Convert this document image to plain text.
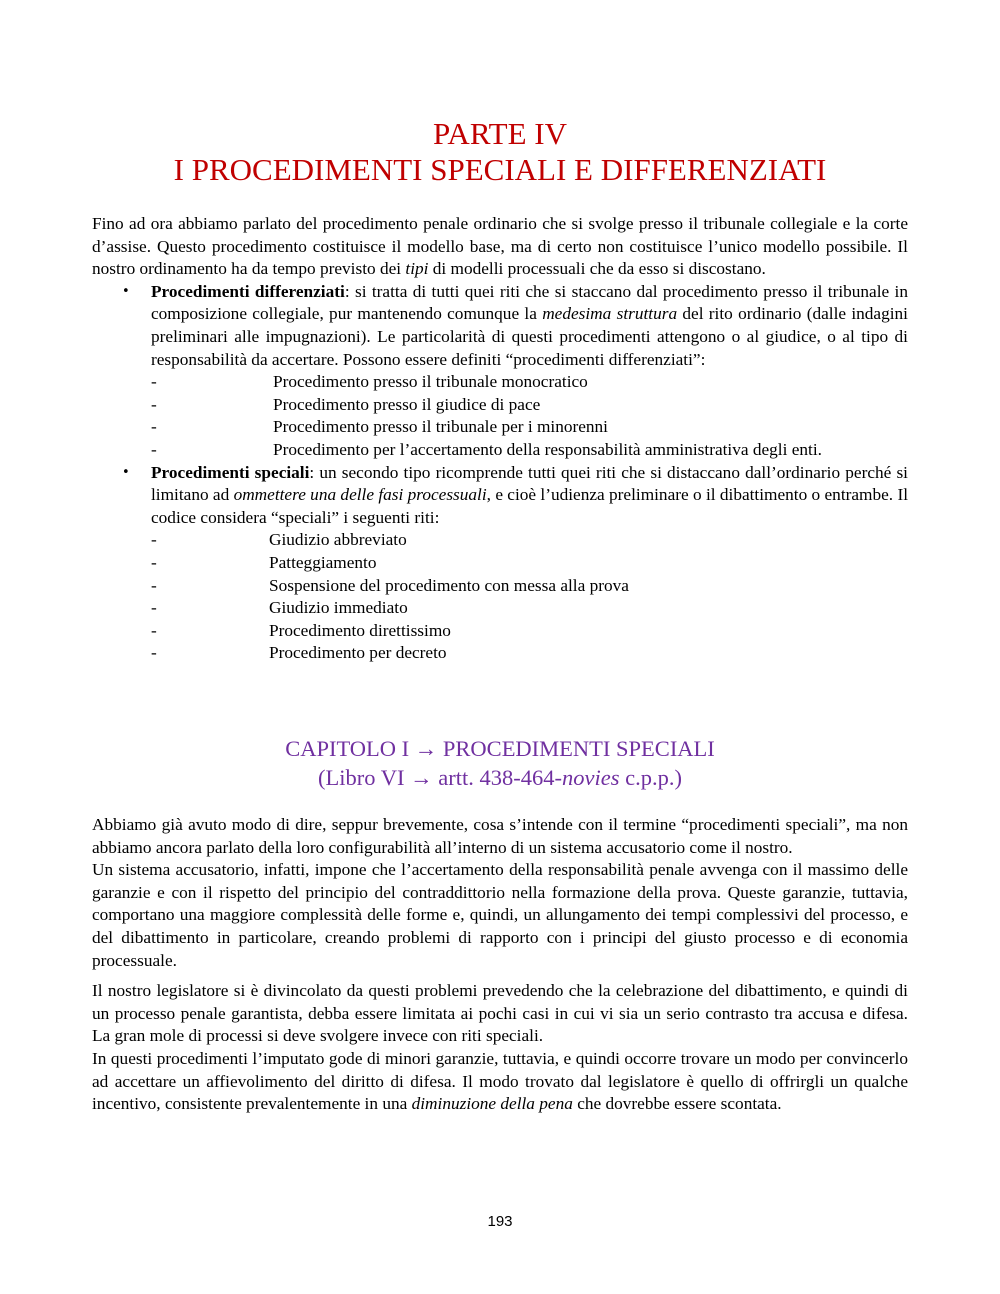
PARTE IV
I PROCEDIMENTI SPECIALI E DIFFERENZIATI

Fino ad ora abbiamo parlato del procedimento penale ordinario che si svolge presso il tribunale collegiale e la corte d’assise. Questo procedimento costituisce il modello base, ma di certo non costituisce l’unico modello possibile. Il nostro ordinamento ha da tempo previsto dei tipi di modelli processuali che da esso si discostano.

• Procedimenti differenziati: si tratta di tutti quei riti che si staccano dal procedimento presso il tribunale in composizione collegiale, pur mantenendo comunque la medesima struttura del rito ordinario (dalle indagini preliminari alle impugnazioni). Le particolarità di questi procedimenti attengono o al giudice, o al tipo di responsabilità da accertare. Possono essere definiti “procedimenti differenziati”:

-	Procedimento presso il tribunale monocratico
-	Procedimento presso il giudice di pace
-	Procedimento presso il tribunale per i minorenni
-	Procedimento per l’accertamento della responsabilità amministrativa degli enti.
• Procedimenti speciali: un secondo tipo ricomprende tutti quei riti che si distaccano dall’ordinario perché si limitano ad ommettere una delle fasi processuali, e cioè l’udienza preliminare o il dibattimento o entrambe. Il codice considera “speciali” i seguenti riti:

-	Giudizio abbreviato
-	Patteggiamento
-	Sospensione del procedimento con messa alla prova
-	Giudizio immediato
-	Procedimento direttissimo
-	Procedimento per decreto
CAPITOLO I → PROCEDIMENTI SPECIALI
(Libro VI → artt. 438-464-novies c.p.p.)

Abbiamo già avuto modo di dire, seppur brevemente, cosa s’intende con il termine “procedimenti speciali”, ma non abbiamo ancora parlato della loro configurabilità all’interno di un sistema accusatorio come il nostro.

Un sistema accusatorio, infatti, impone che l’accertamento della responsabilità penale avvenga con il massimo delle garanzie e con il rispetto del principio del contraddittorio nella formazione della prova. Queste garanzie, tuttavia, comportano una maggiore complessità delle forme e, quindi, un allungamento dei tempi complessivi del processo, e del dibattimento in particolare, creando problemi di rapporto con i principi del giusto processo e di economia processuale.

Il nostro legislatore si è divincolato da questi problemi prevedendo che la celebrazione del dibattimento, e quindi di un processo penale garantista, debba essere limitata ai pochi casi in cui vi sia un serio contrasto tra accusa e difesa. La gran mole di processi si deve svolgere invece con riti speciali.

In questi procedimenti l’imputato gode di minori garanzie, tuttavia, e quindi occorre trovare un modo per convincerlo ad accettare un affievolimento del diritto di difesa. Il modo trovato dal legislatore è quello di offrirgli un qualche incentivo, consistente prevalentemente in una diminuzione della pena che dovrebbe essere scontata.

193
